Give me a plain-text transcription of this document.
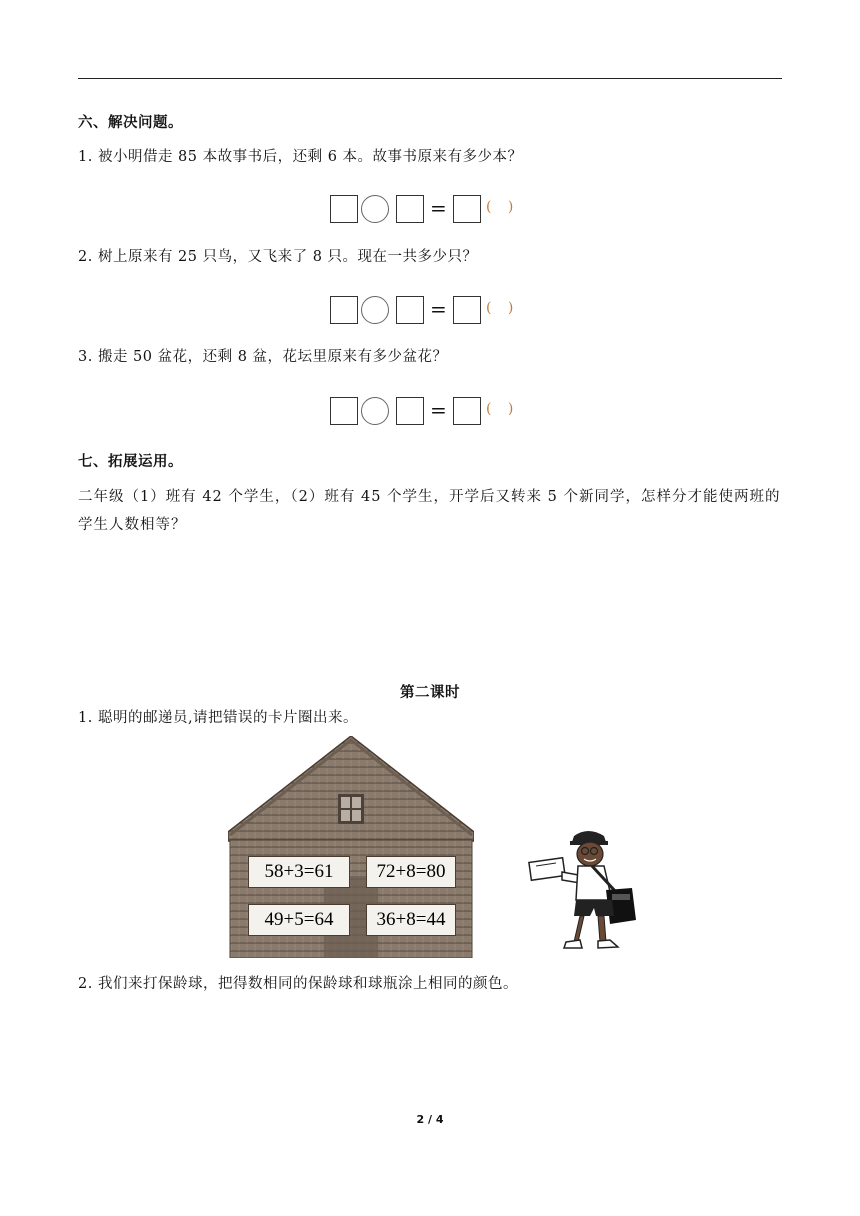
六、解决问题。
1. 被小明借走 85 本故事书后，还剩 6 本。故事书原来有多少本？
=	( )
2. 树上原来有 25 只鸟，又飞来了 8 只。现在一共多少只？
=	( )
3. 搬走 50 盆花，还剩 8 盆，花坛里原来有多少盆花？
=	( )
七、拓展运用。
二年级（1）班有 42 个学生，（2）班有 45 个学生，开学后又转来 5 个新同学，怎样分才能使两班的学生人数相等？
第二课时
1. 聪明的邮递员,请把错误的卡片圈出来。
58+3=61	72+8=80
49+5=64	36+8=44
2. 我们来打保龄球，把得数相同的保龄球和球瓶涂上相同的颜色。
2 / 4
